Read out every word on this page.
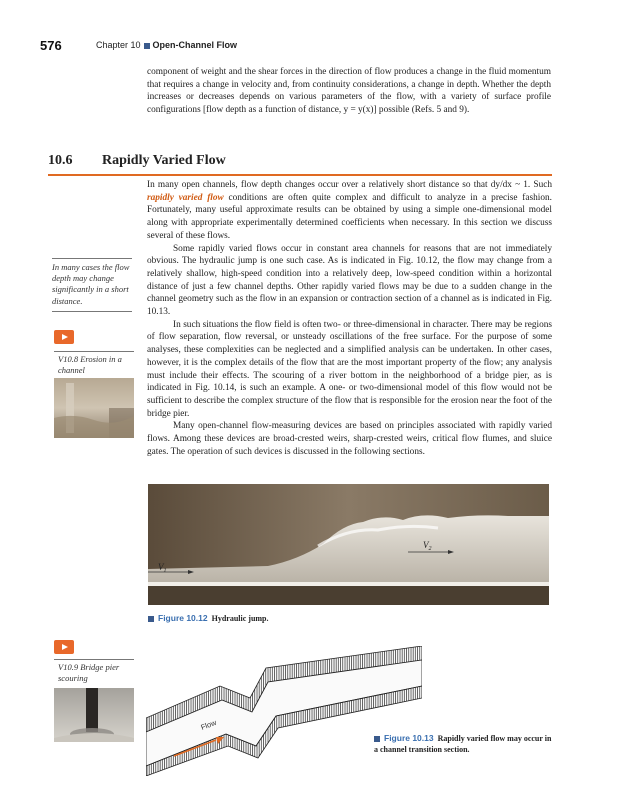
576	Chapter 10 Open-Channel Flow

component of weight and the shear forces in the direction of flow produces a change in the fluid momentum that requires a change in velocity and, from continuity considerations, a change in depth. Whether the depth increases or decreases depends on various parameters of the flow, with a variety of surface profile configurations [flow depth as a function of distance, y = y(x)] possible (Refs. 5 and 9).

10.6 Rapidly Varied Flow

In many open channels, flow depth changes occur over a relatively short distance so that dy/dx ~ 1. Such rapidly varied flow conditions are often quite complex and difficult to analyze in a precise fashion. Fortunately, many useful approximate results can be obtained by using a simple one-dimensional model along with appropriate experimentally determined coefficients when necessary. In this section we discuss several of these flows.

Some rapidly varied flows occur in constant area channels for reasons that are not immediately obvious. The hydraulic jump is one such case. As is indicated in Fig. 10.12, the flow may change from a relatively shallow, high-speed condition into a relatively deep, low-speed condition within a horizontal distance of just a few channel depths. Other rapidly varied flows may be due to a sudden change in the channel geometry such as the flow in an expansion or contraction section of a channel as is indicated in Fig. 10.13.

In such situations the flow field is often two- or three-dimensional in character. There may be regions of flow separation, flow reversal, or unsteady oscillations of the free surface. For the purpose of some analyses, these complexities can be neglected and a simplified analysis can be undertaken. In other cases, however, it is the complex details of the flow that are the most important property of the flow; any analysis must include their effects. The scouring of a river bottom in the neighborhood of a bridge pier, as is indicated in Fig. 10.14, is such an example. A one- or two-dimensional model of this flow would not be sufficient to describe the complex structure of the flow that is responsible for the erosion near the foot of the bridge pier.

Many open-channel flow-measuring devices are based on principles associated with rapidly varied flows. Among these devices are broad-crested weirs, sharp-crested weirs, critical flow flumes, and sluice gates. The operation of such devices is discussed in the following sections.

In many cases the flow depth may change significantly in a short distance.
V10.8 Erosion in a channel
$V_1$
$V_2$
Figure 10.12 Hydraulic jump.
V10.9 Bridge pier scouring
Flow
Figure 10.13 Rapidly varied flow may occur in a channel transition section.
